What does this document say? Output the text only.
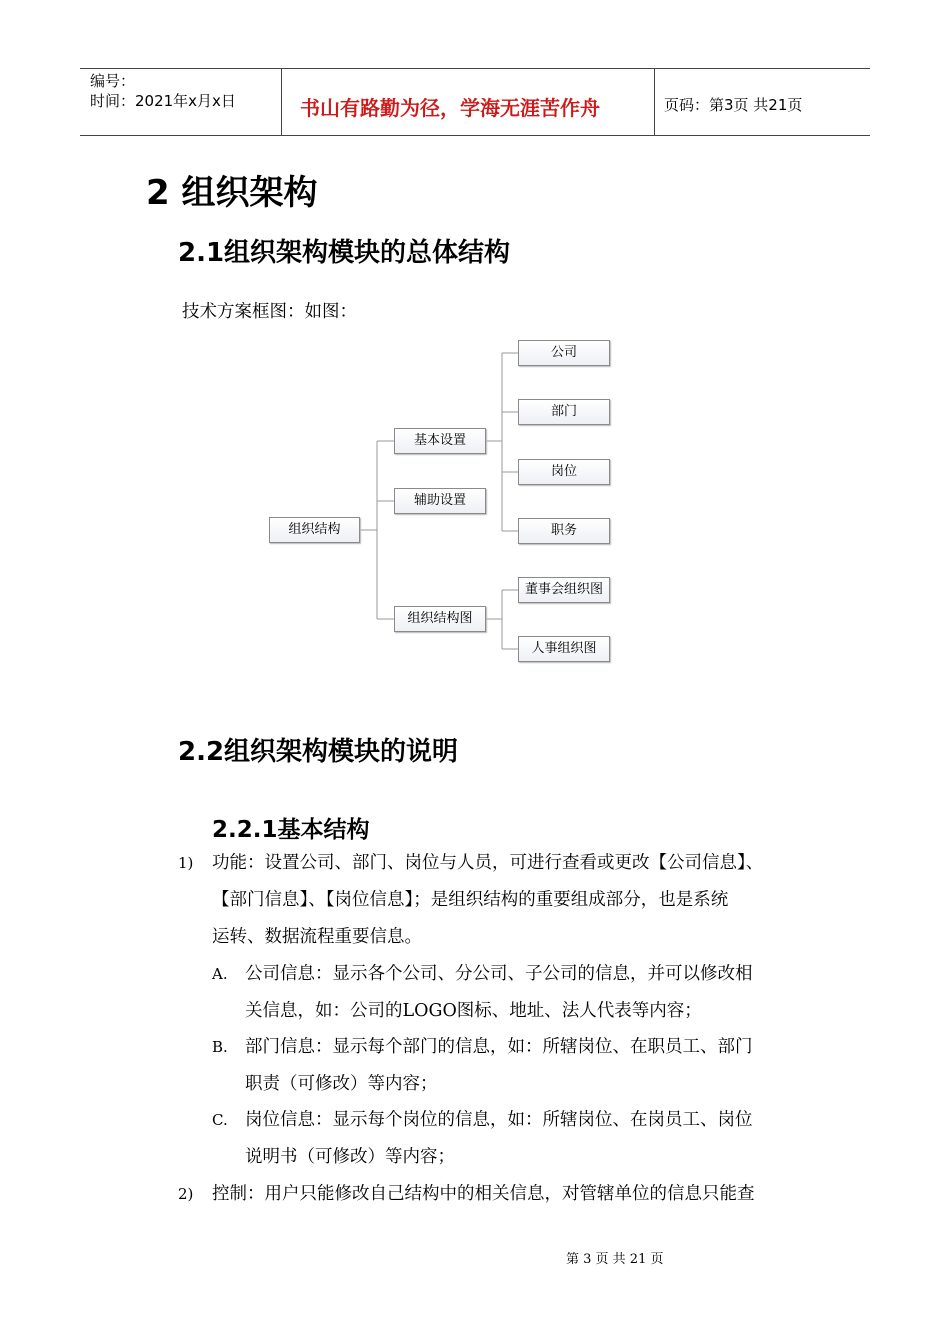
编号：
时间：2021年x月x日	书山有路勤为径，学海无涯苦作舟	页码：第3页 共21页
2 组织架构
2.1组织架构模块的总体结构
技术方案框图：如图：
组织结构
基本设置
辅助设置
组织结构图
公司
部门
岗位
职务
董事会组织图
人事组织图
2.2组织架构模块的说明
2.2.1基本结构
1) 功能：设置公司、部门、岗位与人员，可进行查看或更改【公司信息】、
【部门信息】、【岗位信息】；是组织结构的重要组成部分，也是系统
运转、数据流程重要信息。
A. 公司信息：显示各个公司、分公司、子公司的信息，并可以修改相
关信息，如：公司的LOGO图标、地址、法人代表等内容；
B. 部门信息：显示每个部门的信息，如：所辖岗位、在职员工、部门
职责（可修改）等内容；
C. 岗位信息：显示每个岗位的信息，如：所辖岗位、在岗员工、岗位
说明书（可修改）等内容；
2) 控制：用户只能修改自己结构中的相关信息，对管辖单位的信息只能查
第 3 页 共 21 页
